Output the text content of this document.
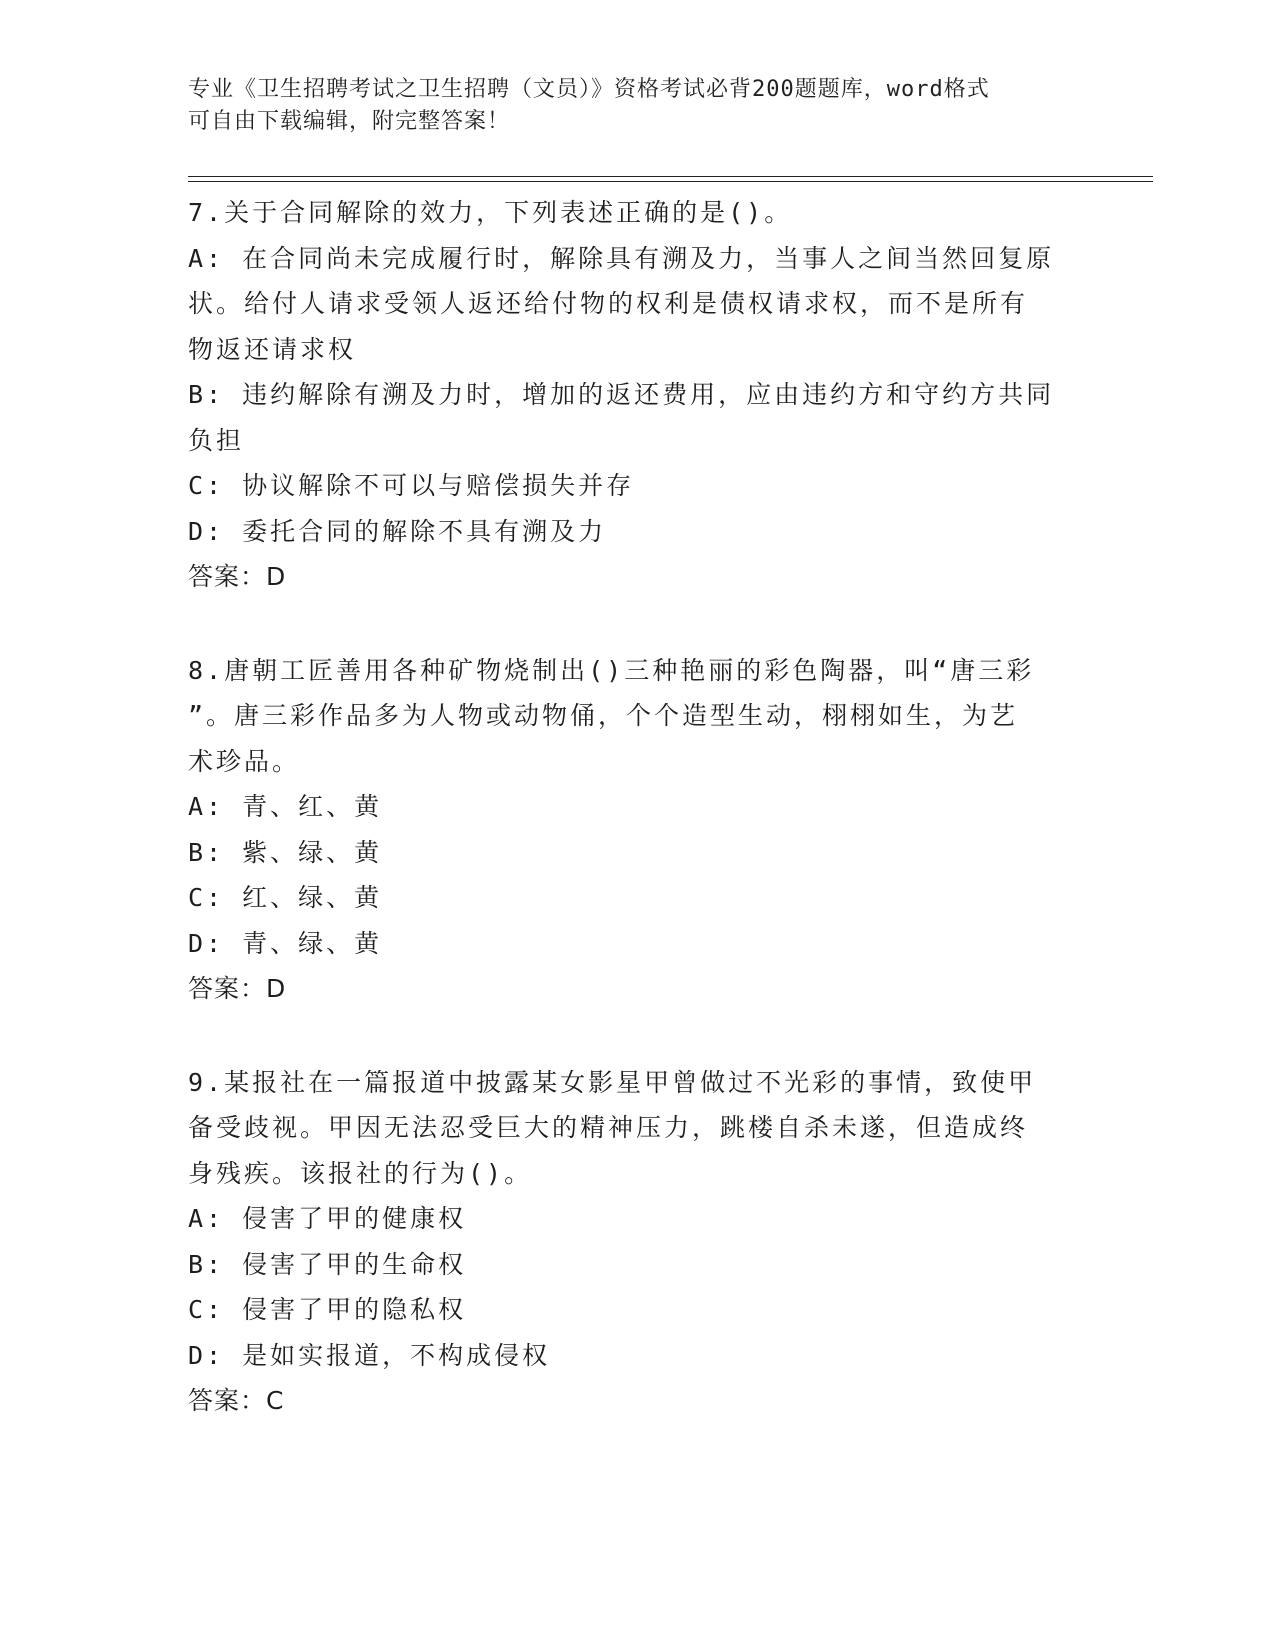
专业《卫生招聘考试之卫生招聘（文员）》资格考试必背200题题库，word格式
可自由下载编辑，附完整答案！
7.关于合同解除的效力，下列表述正确的是()。
A: 在合同尚未完成履行时，解除具有溯及力，当事人之间当然回复原
状。给付人请求受领人返还给付物的权利是债权请求权，而不是所有
物返还请求权
B: 违约解除有溯及力时，增加的返还费用，应由违约方和守约方共同
负担
C: 协议解除不可以与赔偿损失并存
D: 委托合同的解除不具有溯及力
答案：D
8.唐朝工匠善用各种矿物烧制出()三种艳丽的彩色陶器，叫“唐三彩
”。唐三彩作品多为人物或动物俑，个个造型生动，栩栩如生，为艺
术珍品。
A: 青、红、黄
B: 紫、绿、黄
C: 红、绿、黄
D: 青、绿、黄
答案：D
9.某报社在一篇报道中披露某女影星甲曾做过不光彩的事情，致使甲
备受歧视。甲因无法忍受巨大的精神压力，跳楼自杀未遂，但造成终
身残疾。该报社的行为()。
A: 侵害了甲的健康权
B: 侵害了甲的生命权
C: 侵害了甲的隐私权
D: 是如实报道，不构成侵权
答案：C
